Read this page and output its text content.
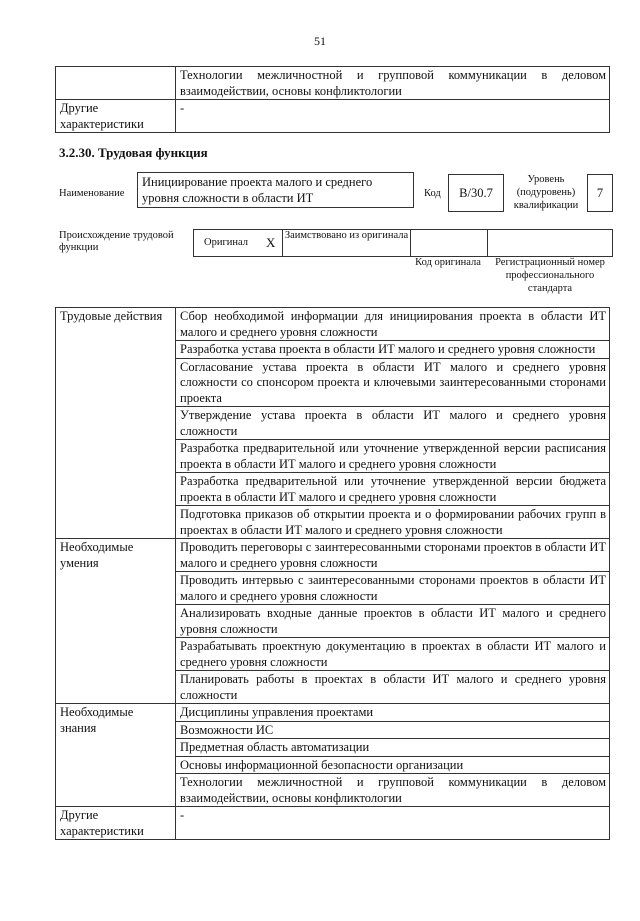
51
	Технологии межличностной и групповой коммуникации в деловом взаимодействии, основы конфликтологии
Другие характеристики	-
3.2.30. Трудовая функция
Наименование
Инициирование проекта малого и среднего уровня сложности в области ИТ	Код	B/30.7
Уровень (подуровень) квалификации
7
Происхождение трудовой функции	Оригинал X Заимствовано из оригинала
Код оригинала	Регистрационный номер профессионального стандарта
Трудовые действия	Сбор необходимой информации для инициирования проекта в области ИТ малого и среднего уровня сложности
	Разработка устава проекта в области ИТ малого и среднего уровня сложности
	Согласование устава проекта в области ИТ малого и среднего уровня сложности со спонсором проекта и ключевыми заинтересованными сторонами проекта
	Утверждение устава проекта в области ИТ малого и среднего уровня сложности
	Разработка предварительной или уточнение утвержденной версии расписания проекта в области ИТ малого и среднего уровня сложности
	Разработка предварительной или уточнение утвержденной версии бюджета проекта в области ИТ малого и среднего уровня сложности
	Подготовка приказов об открытии проекта и о формировании рабочих групп в проектах в области ИТ малого и среднего уровня сложности
Необходимые умения	Проводить переговоры с заинтересованными сторонами проектов в области ИТ малого и среднего уровня сложности
	Проводить интервью с заинтересованными сторонами проектов в области ИТ малого и среднего уровня сложности
	Анализировать входные данные проектов в области ИТ малого и среднего уровня сложности
	Разрабатывать проектную документацию в проектах в области ИТ малого и среднего уровня сложности
	Планировать работы в проектах в области ИТ малого и среднего уровня сложности
Необходимые знания	Дисциплины управления проектами
	Возможности ИС
	Предметная область автоматизации
	Основы информационной безопасности организации
	Технологии межличностной и групповой коммуникации в деловом взаимодействии, основы конфликтологии
Другие характеристики	-
